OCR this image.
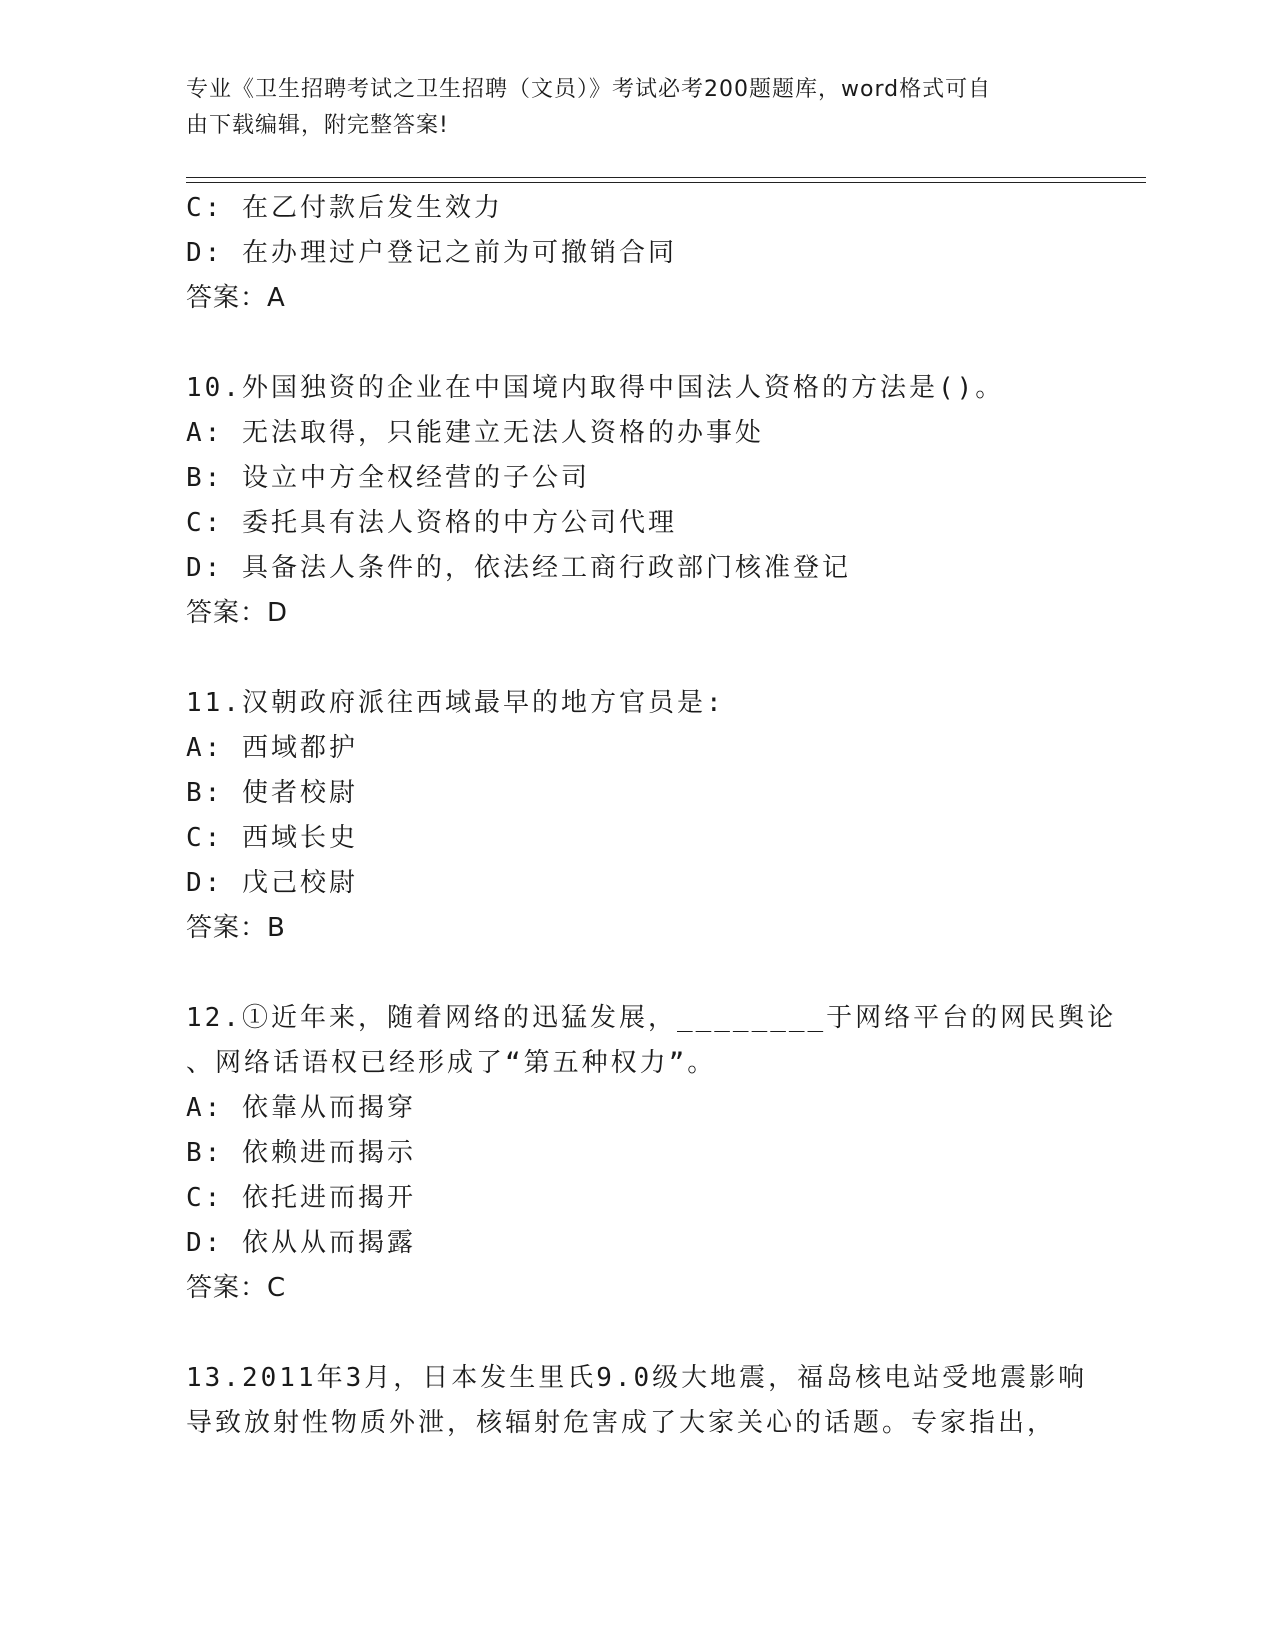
专业《卫生招聘考试之卫生招聘（文员）》考试必考200题题库，word格式可自
由下载编辑，附完整答案!
C: 在乙付款后发生效力
D: 在办理过户登记之前为可撤销合同
答案：A
10.外国独资的企业在中国境内取得中国法人资格的方法是()。
A: 无法取得，只能建立无法人资格的办事处
B: 设立中方全权经营的子公司
C: 委托具有法人资格的中方公司代理
D: 具备法人条件的，依法经工商行政部门核准登记
答案：D
11.汉朝政府派往西域最早的地方官员是:
A: 西域都护
B: 使者校尉
C: 西域长史
D: 戊己校尉
答案：B
12.①近年来，随着网络的迅猛发展，________于网络平台的网民舆论
、网络话语权已经形成了“第五种权力”。
A: 依靠从而揭穿
B: 依赖进而揭示
C: 依托进而揭开
D: 依从从而揭露
答案：C
13.2011年3月，日本发生里氏9.0级大地震，福岛核电站受地震影响
导致放射性物质外泄，核辐射危害成了大家关心的话题。专家指出，
